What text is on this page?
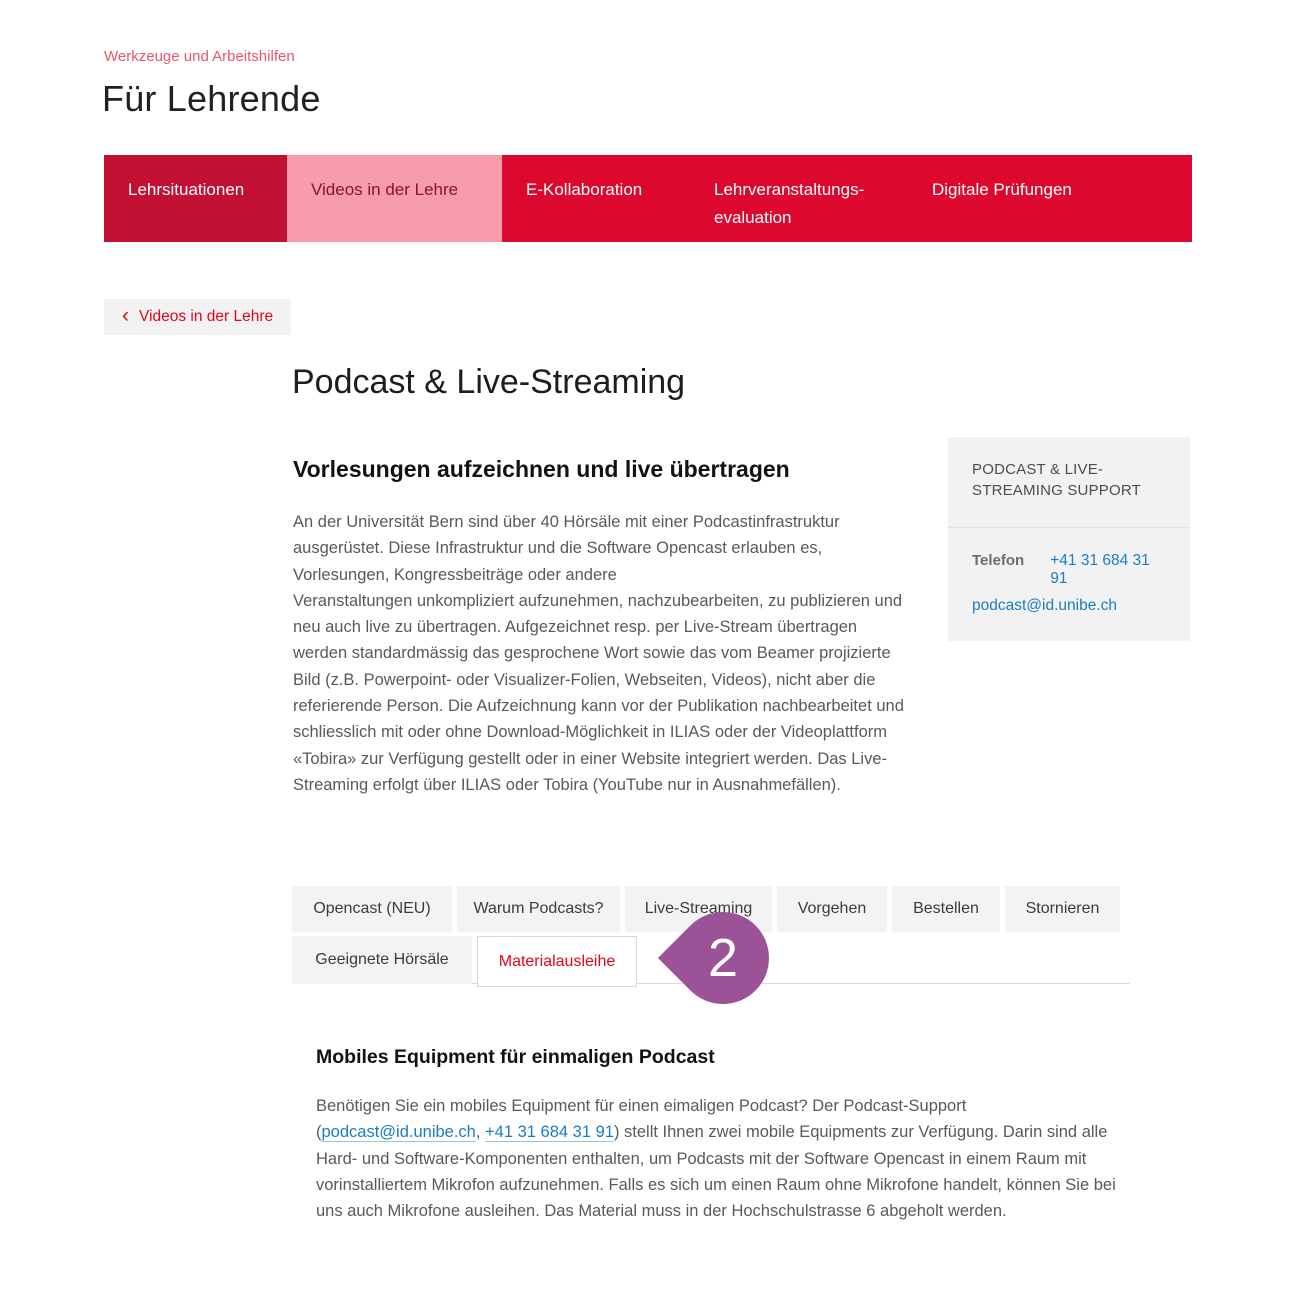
Werkzeuge und Arbeitshilfen
Für Lehrende
Lehrsituationen	Videos in der Lehre	E-Kollaboration	Lehrveranstaltungs-evaluation
Digitale Prüfungen
‹ Videos in der Lehre
Podcast & Live-Streaming
Vorlesungen aufzeichnen und live übertragen

An der Universität Bern sind über 40 Hörsäle mit einer Podcastinfrastruktur ausgerüstet. Diese Infrastruktur und die Software Opencast erlauben es, Vorlesungen, Kongressbeiträge oder andere
Veranstaltungen unkompliziert aufzunehmen, nachzubearbeiten, zu publizieren und neu auch live zu übertragen. Aufgezeichnet resp. per Live-Stream übertragen werden standardmässig das gesprochene Wort sowie das vom Beamer projizierte Bild (z.B. Powerpoint- oder Visualizer-Folien, Webseiten, Videos), nicht aber die referierende Person. Die Aufzeichnung kann vor der Publikation nachbearbeitet und schliesslich mit oder ohne Download-Möglichkeit in ILIAS oder der Videoplattform «Tobira» zur Verfügung gestellt oder in einer Website integriert werden. Das Live-Streaming erfolgt über ILIAS oder Tobira (YouTube nur in Ausnahmefällen).

PODCAST & LIVE-STREAMING SUPPORT
Telefon +41 31 684 31 91
podcast@id.unibe.ch
Opencast (NEU)	Warum Podcasts?	Live-Streaming	Vorgehen	Bestellen	Stornieren
Geeignete Hörsäle	Materialausleihe	2
Mobiles Equipment für einmaligen Podcast

Benötigen Sie ein mobiles Equipment für einen eimaligen Podcast? Der Podcast-Support (podcast@id.unibe.ch, +41 31 684 31 91) stellt Ihnen zwei mobile Equipments zur Verfügung. Darin sind alle Hard- und Software-Komponenten enthalten, um Podcasts mit der Software Opencast in einem Raum mit vorinstalliertem Mikrofon aufzunehmen. Falls es sich um einen Raum ohne Mikrofone handelt, können Sie bei uns auch Mikrofone ausleihen. Das Material muss in der Hochschulstrasse 6 abgeholt werden.
